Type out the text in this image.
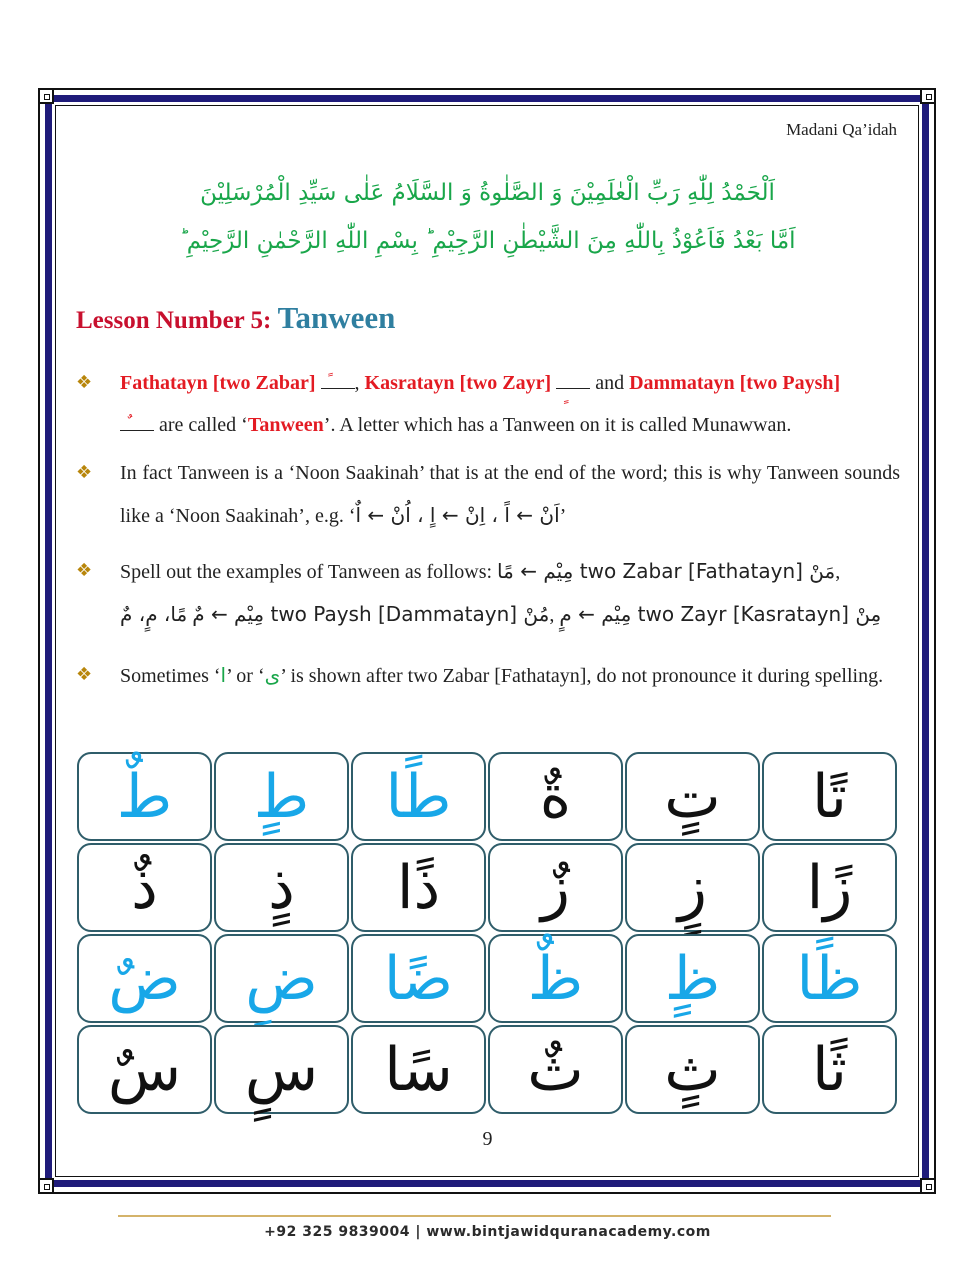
Madani Qa’idah
اَلْحَمْدُ لِلّٰهِ رَبِّ الْعٰلَمِیْنَ وَ الصَّلٰوةُ وَ السَّلَامُ عَلٰی سَیِّدِ الْمُرْسَلِیْنَ
اَمَّا بَعْدُ فَاَعُوْذُ بِاللّٰهِ مِنَ الشَّیْطٰنِ الرَّجِیْمِ ؕ بِسْمِ اللّٰهِ الرَّحْمٰنِ الرَّحِیْمِ ؕ
Lesson Number 5: Tanween
❖ Fathatayn [two Zabar] , Kasratayn [two Zayr]
and Dammatayn [two Paysh]

are called ‘Tanween’. A letter which has a Tanween on it is called Munawwan.
❖ In fact Tanween is a ‘Noon Saakinah’ that is at the end of the word; this is why Tanween sounds like a ‘Noon Saakinah’, e.g. ‘اَنْ ← اً ، اِنْ ← اٍ ، اُنْ ← اٌ’
❖ Spell out the examples of Tanween as follows: مَنْ two Zabar [Fathatayn] مِیْم ← مًا,
مًا، مٍ، مٌ مُنْ two Paysh [Dammatayn] مِیْم ← مٌ, مِنْ two Zayr [Kasratayn] مِیْم ← مٍ
❖ Sometimes ‘ا’ or ‘ی’ is shown after two Zabar [Fathatayn], do not pronounce it during spelling.
طٌ	طٍ	طًا	ةٌ	تٍ	تًا
ذٌ	ذٍ	ذًا	زٌ	زٍ	زًا
ضٌ	ضٍ	ضًا	ظٌ	ظٍ	ظًا
سٌ	سٍ	سًا	ثٌ	ثٍ	ثًا
9
+92 325 9839004 | www.bintjawidquranacademy.com
